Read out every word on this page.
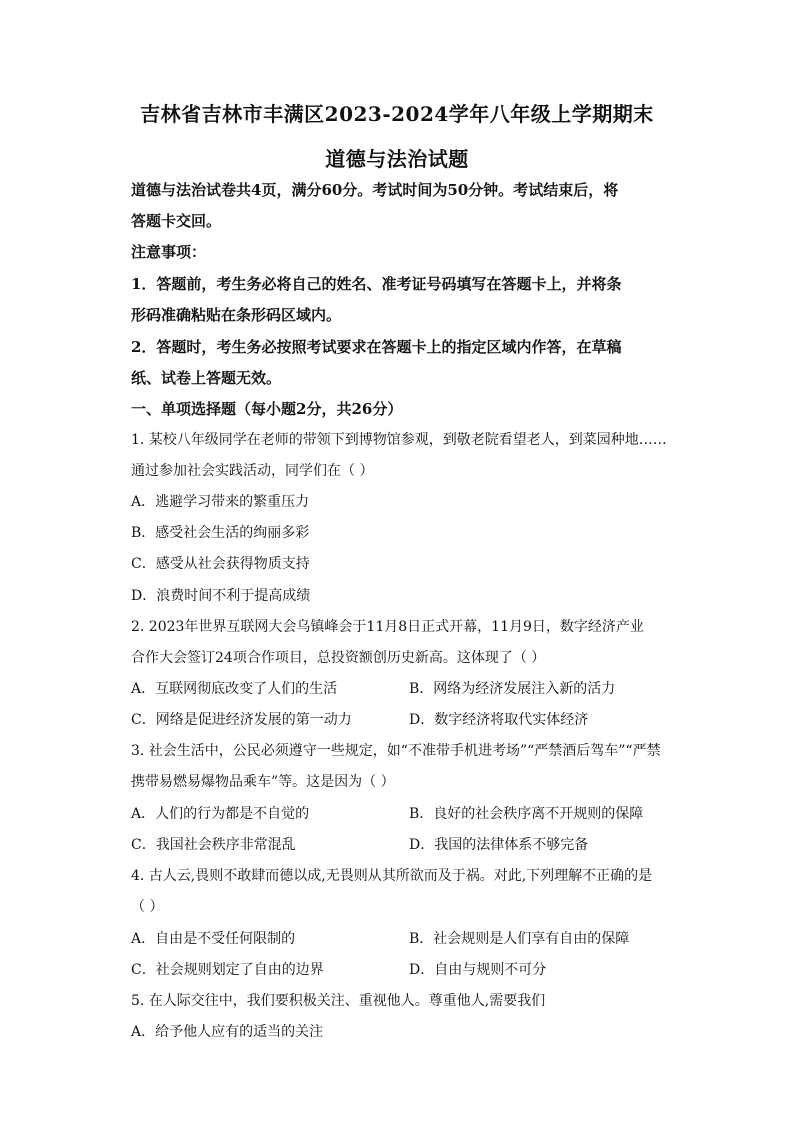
吉林省吉林市丰满区2023-2024学年八年级上学期期末
道德与法治试题
道德与法治试卷共4页，满分60分。考试时间为50分钟。考试结束后，将
答题卡交回。
注意事项：
1．答题前，考生务必将自己的姓名、准考证号码填写在答题卡上，并将条
形码准确粘贴在条形码区域内。
2．答题时，考生务必按照考试要求在答题卡上的指定区域内作答，在草稿
纸、试卷上答题无效。
一、单项选择题（每小题2分，共26分）
1. 某校八年级同学在老师的带领下到博物馆参观，到敬老院看望老人，到菜园种地……
通过参加社会实践活动，同学们在（ ）
A．逃避学习带来的繁重压力
B．感受社会生活的绚丽多彩
C．感受从社会获得物质支持
D．浪费时间不利于提高成绩
2. 2023年世界互联网大会乌镇峰会于11月8日正式开幕，11月9日，数字经济产业
合作大会签订24项合作项目，总投资额创历史新高。这体现了（ ）
A．互联网彻底改变了人们的生活	B．网络为经济发展注入新的活力
C．网络是促进经济发展的第一动力	D．数字经济将取代实体经济
3. 社会生活中，公民必须遵守一些规定，如“不准带手机进考场”“严禁酒后驾车”“严禁
携带易燃易爆物品乘车”等。这是因为（ ）
A．人们的行为都是不自觉的	B．良好的社会秩序离不开规则的保障
C．我国社会秩序非常混乱	D．我国的法律体系不够完备
4. 古人云,畏则不敢肆而德以成,无畏则从其所欲而及于祸。对此,下列理解不正确的是
（ ）
A．自由是不受任何限制的	B．社会规则是人们享有自由的保障
C．社会规则划定了自由的边界	D．自由与规则不可分
5. 在人际交往中，我们要积极关注、重视他人。尊重他人,需要我们
A．给予他人应有的适当的关注
